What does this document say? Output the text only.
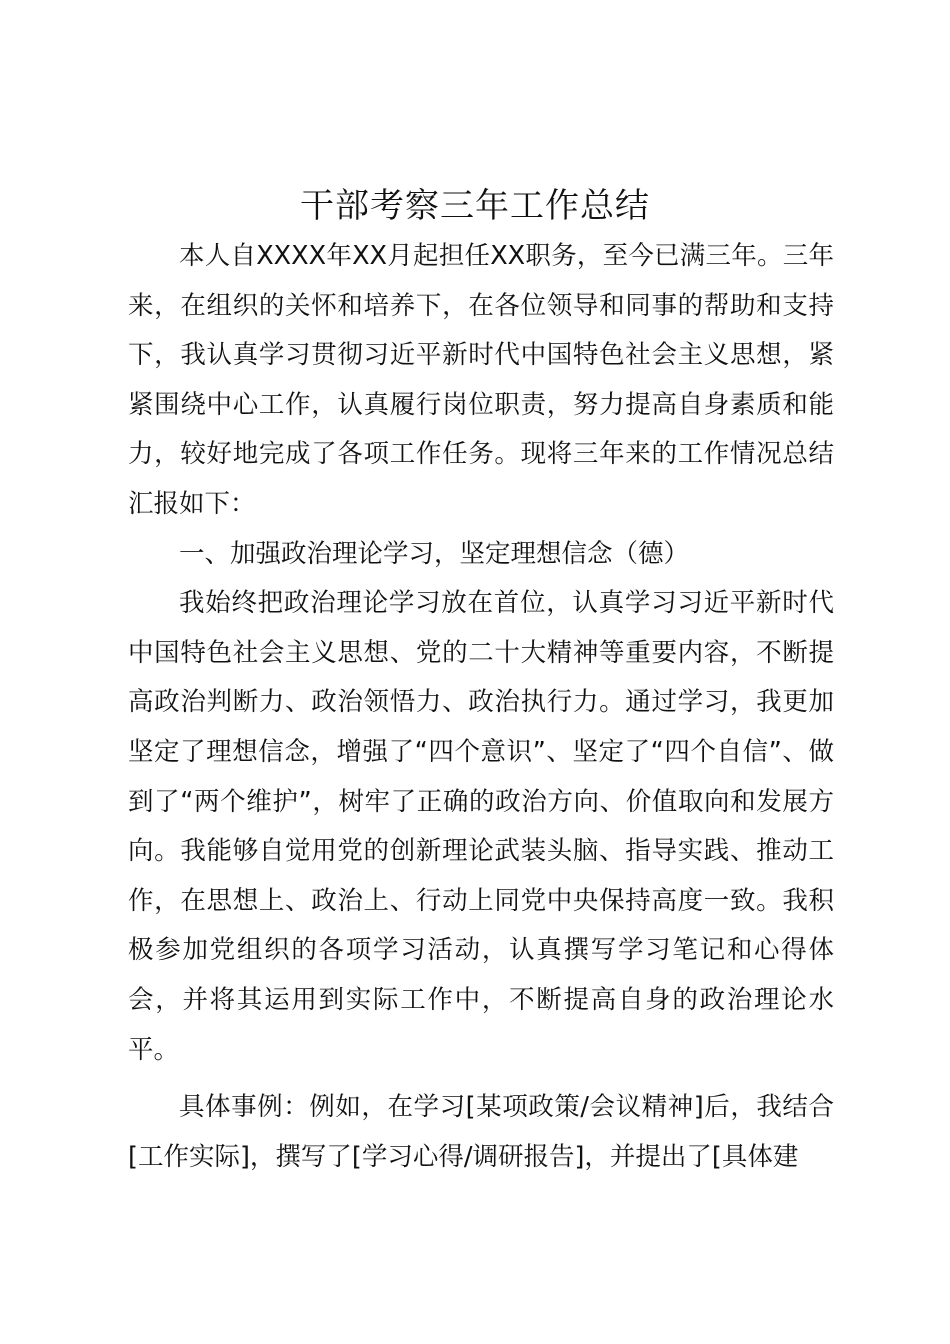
干部考察三年工作总结

本人自XXXX年XX月起担任XX职务，至今已满三年。三年来，在组织的关怀和培养下，在各位领导和同事的帮助和支持下，我认真学习贯彻习近平新时代中国特色社会主义思想，紧紧围绕中心工作，认真履行岗位职责，努力提高自身素质和能力，较好地完成了各项工作任务。现将三年来的工作情况总结汇报如下：

一、加强政治理论学习，坚定理想信念（德）

我始终把政治理论学习放在首位，认真学习习近平新时代中国特色社会主义思想、党的二十大精神等重要内容，不断提高政治判断力、政治领悟力、政治执行力。通过学习，我更加坚定了理想信念，增强了“四个意识”、坚定了“四个自信”、做到了“两个维护”，树牢了正确的政治方向、价值取向和发展方向。我能够自觉用党的创新理论武装头脑、指导实践、推动工作，在思想上、政治上、行动上同党中央保持高度一致。我积极参加党组织的各项学习活动，认真撰写学习笔记和心得体会，并将其运用到实际工作中，不断提高自身的政治理论水平。

具体事例：例如，在学习[某项政策/会议精神]后，我结合[工作实际]，撰写了[学习心得/调研报告]，并提出了[具体建
